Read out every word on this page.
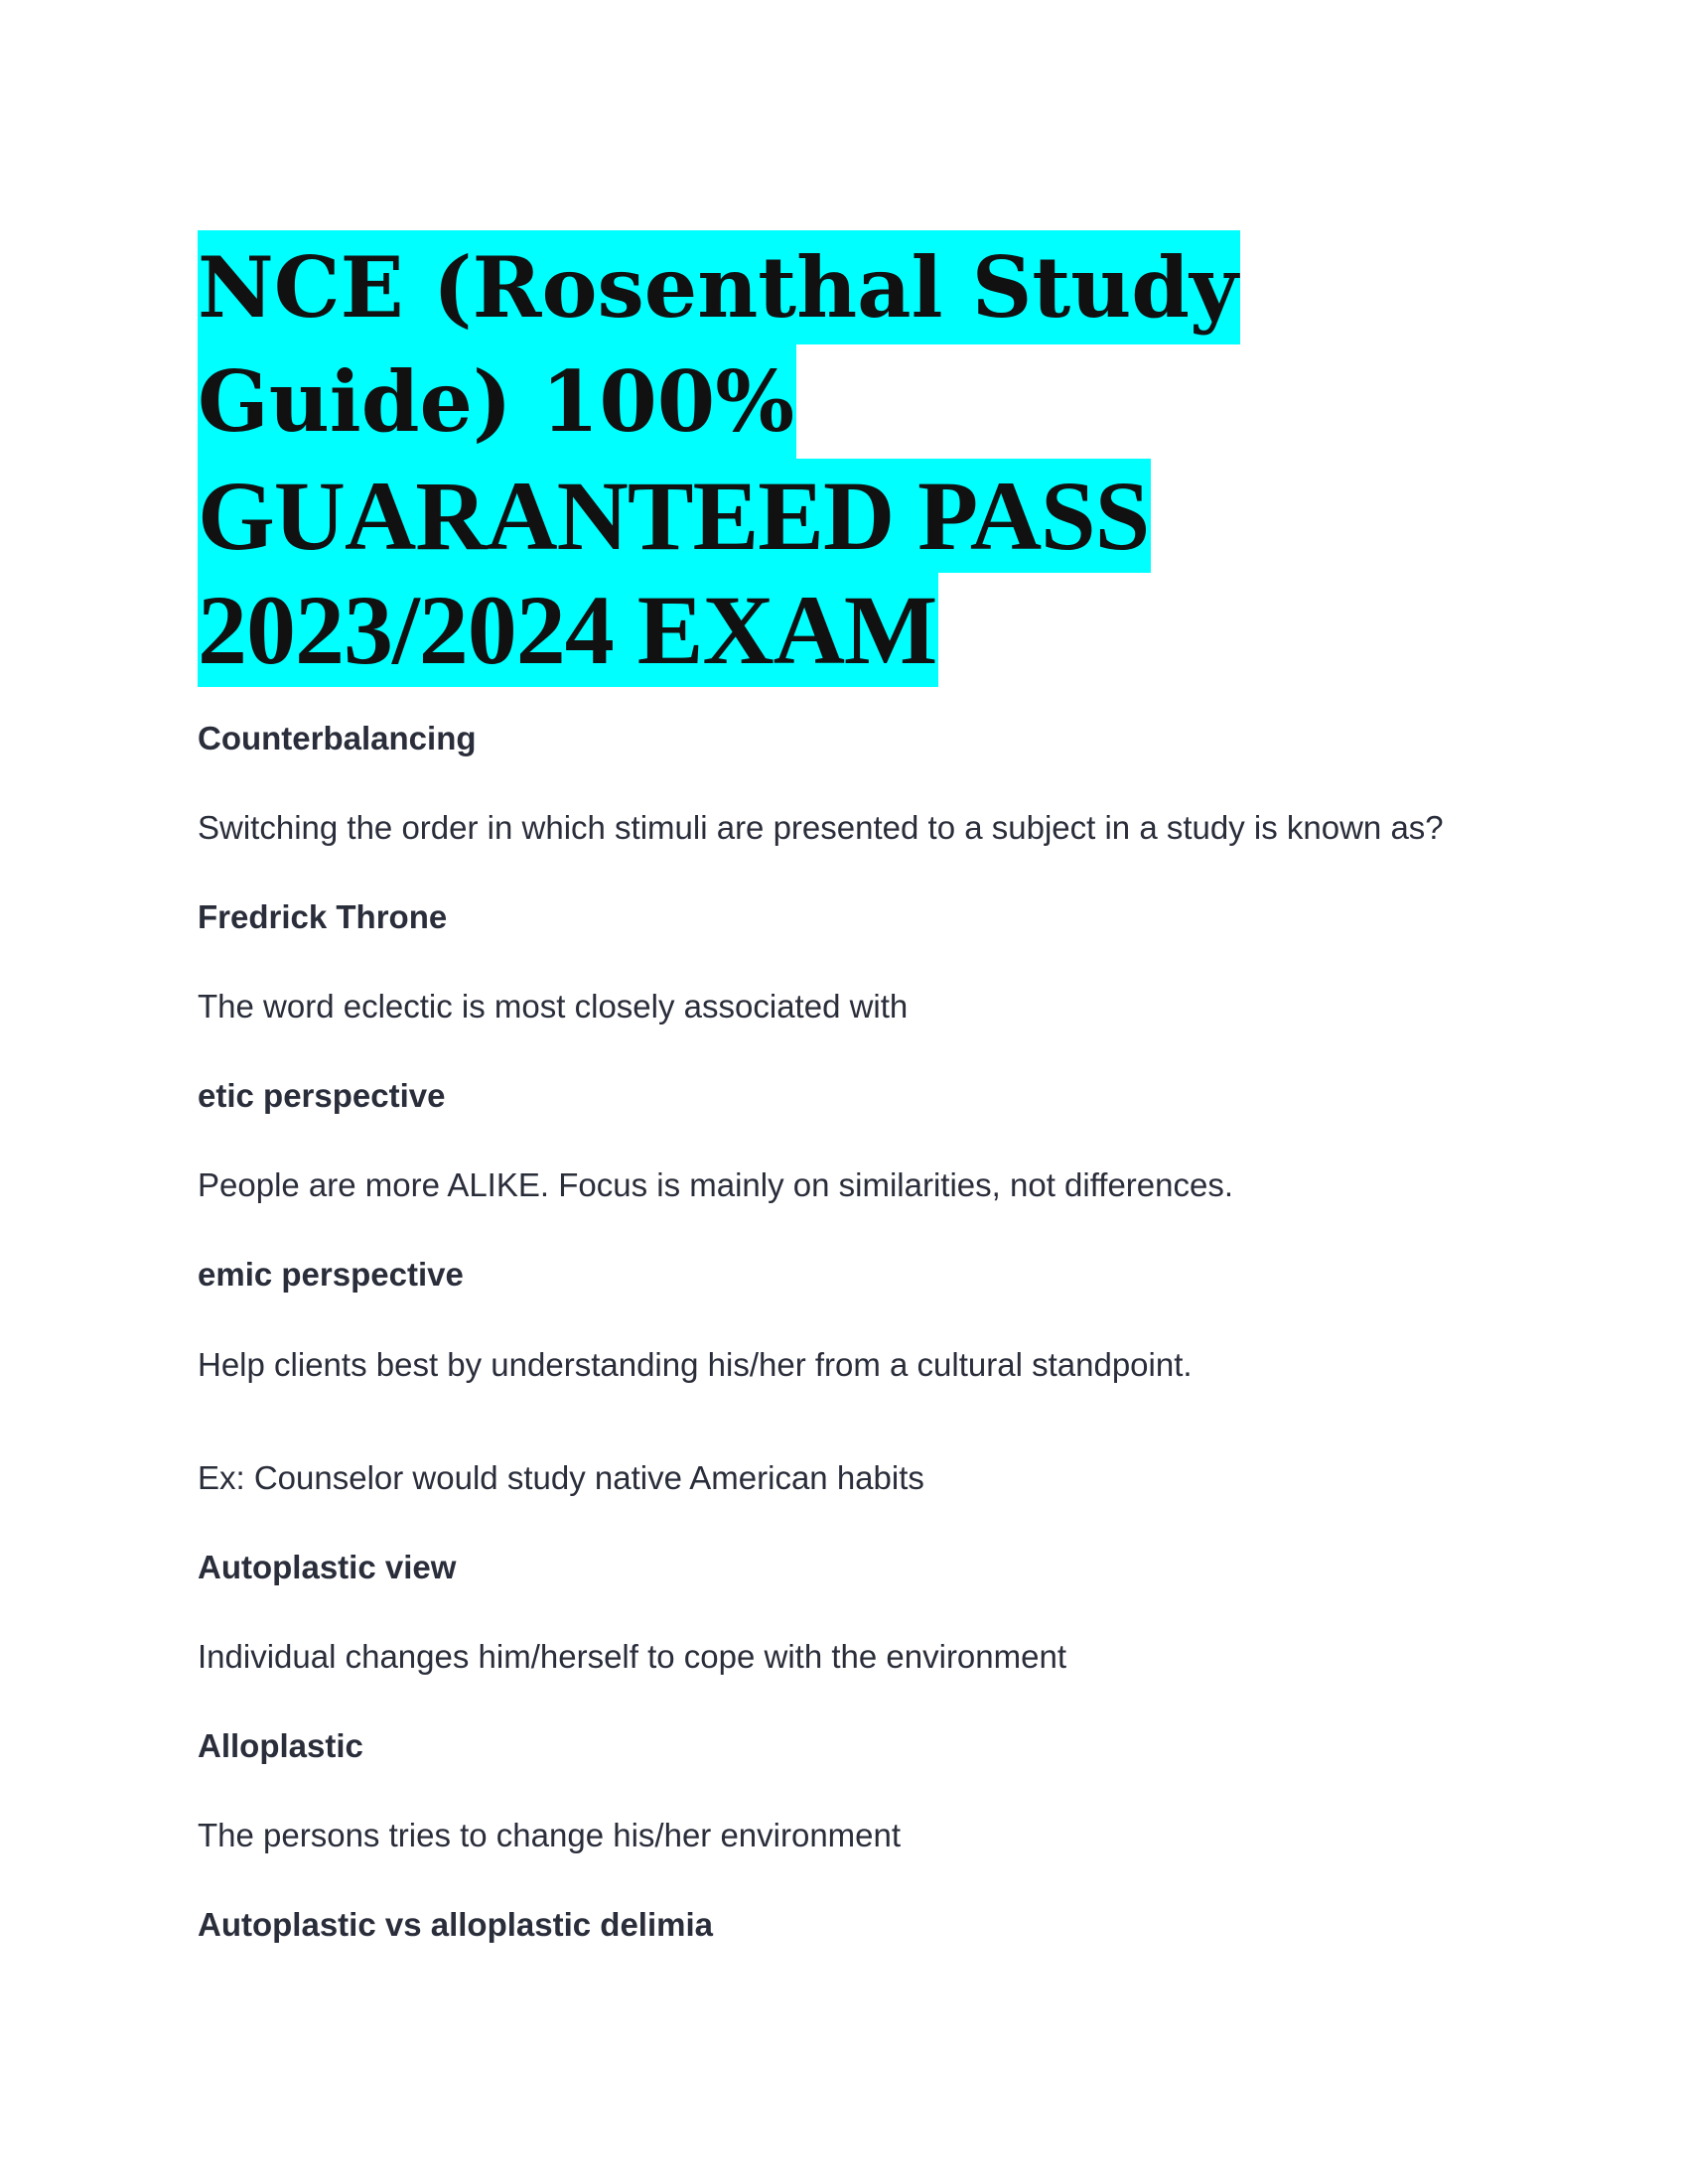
NCE (Rosenthal Study
Guide) 100%
GUARANTEED PASS
2023/2024 EXAM
Counterbalancing
Switching the order in which stimuli are presented to a subject in a study is known as?
Fredrick Throne
The word eclectic is most closely associated with
etic perspective
People are more ALIKE. Focus is mainly on similarities, not differences.
emic perspective
Help clients best by understanding his/her from a cultural standpoint.
Ex: Counselor would study native American habits
Autoplastic view
Individual changes him/herself to cope with the environment
Alloplastic
The persons tries to change his/her environment
Autoplastic vs alloplastic delimia
